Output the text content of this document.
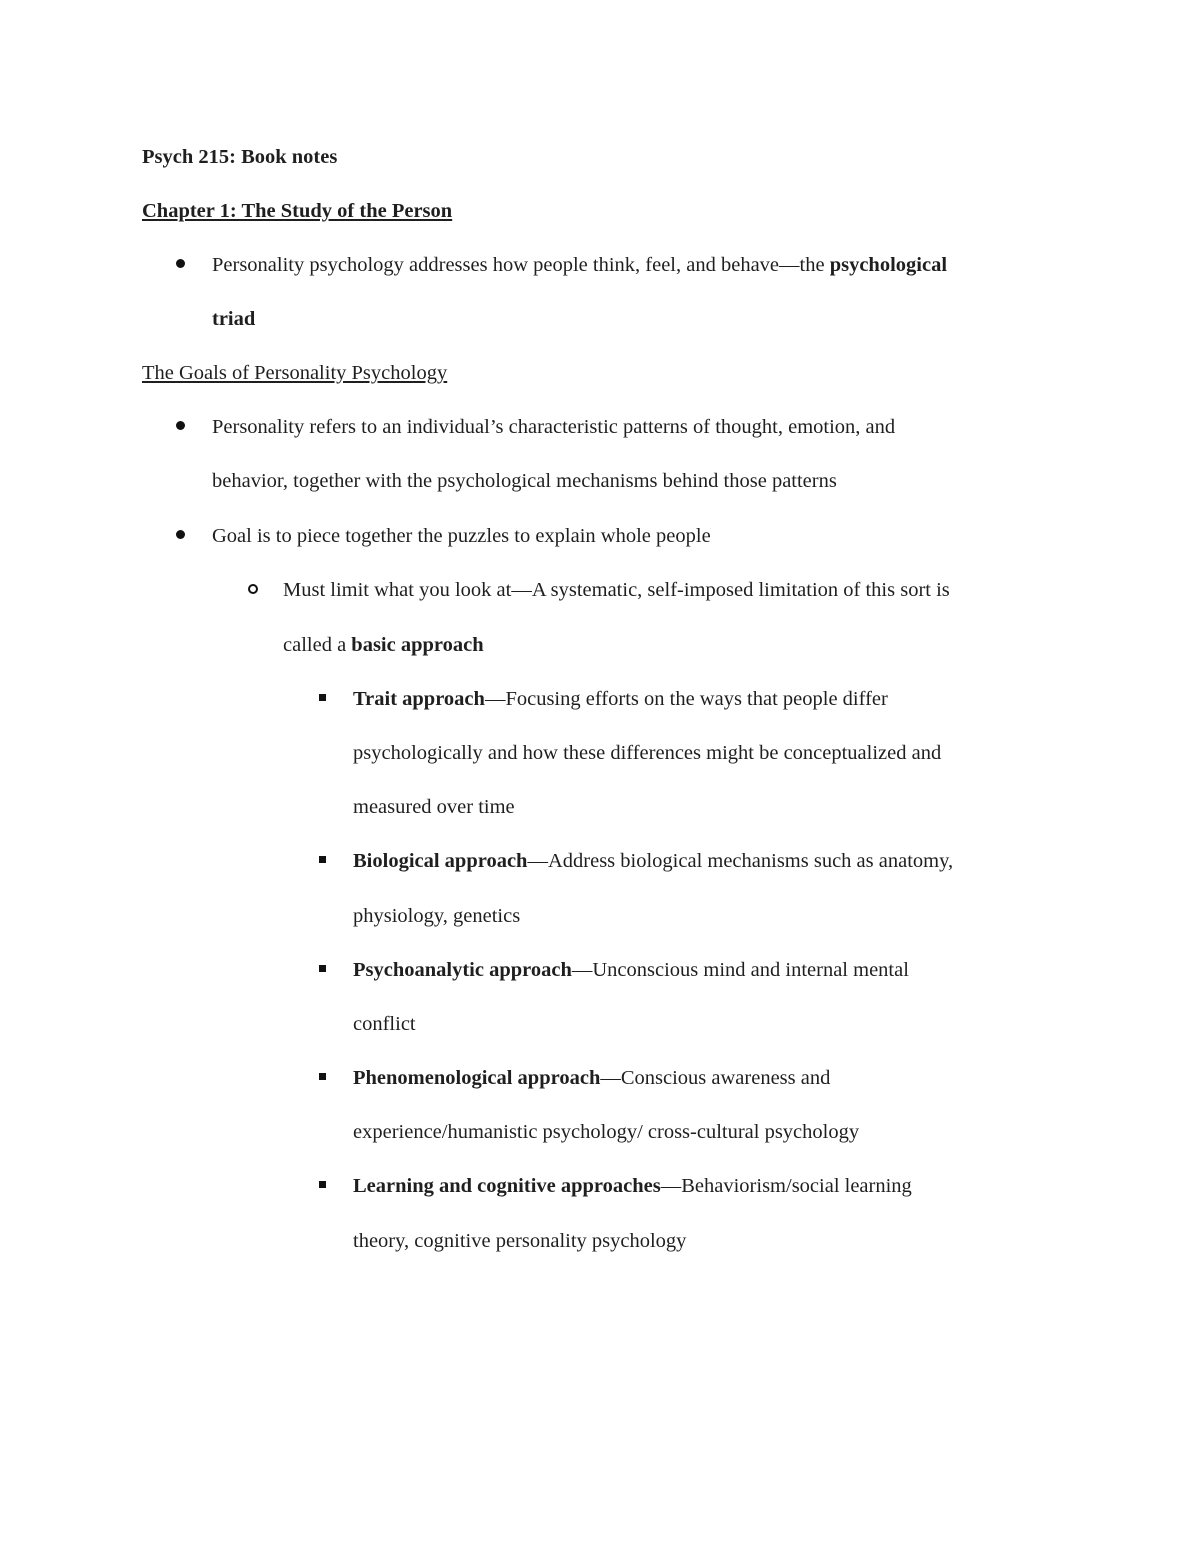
Psych 215: Book notes
Chapter 1: The Study of the Person
Personality psychology addresses how people think, feel, and behave—the psychological
triad
The Goals of Personality Psychology
Personality refers to an individual’s characteristic patterns of thought, emotion, and
behavior, together with the psychological mechanisms behind those patterns
Goal is to piece together the puzzles to explain whole people
Must limit what you look at—A systematic, self-imposed limitation of this sort is
called a basic approach
Trait approach—Focusing efforts on the ways that people differ
psychologically and how these differences might be conceptualized and
measured over time
Biological approach—Address biological mechanisms such as anatomy,
physiology, genetics
Psychoanalytic approach—Unconscious mind and internal mental
conflict
Phenomenological approach—Conscious awareness and
experience/humanistic psychology/ cross-cultural psychology
Learning and cognitive approaches—Behaviorism/social learning
theory, cognitive personality psychology
